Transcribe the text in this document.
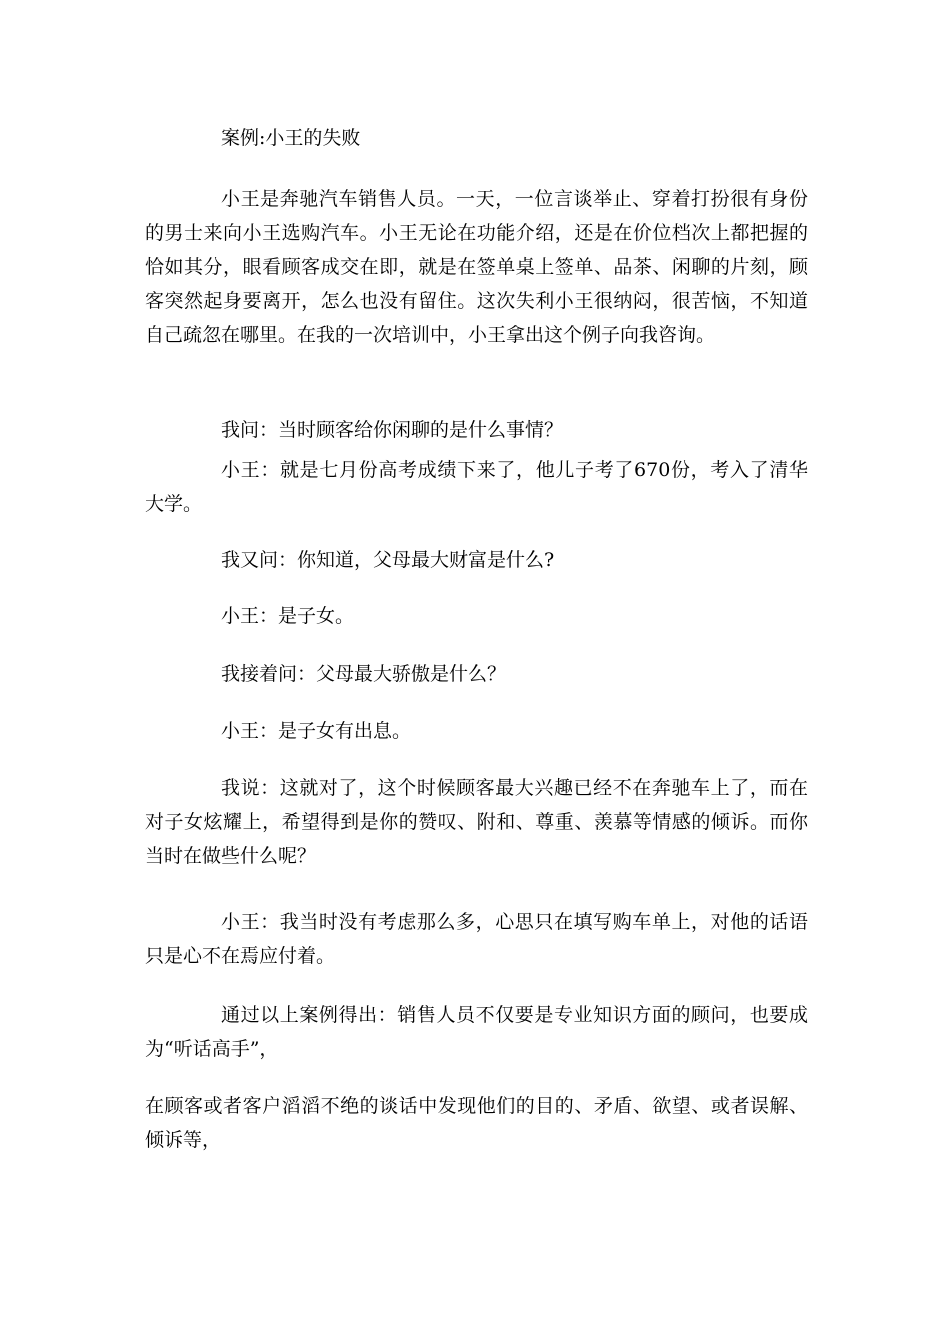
案例:小王的失败

小王是奔驰汽车销售人员。一天，一位言谈举止、穿着打扮很有身份的男士来向小王选购汽车。小王无论在功能介绍，还是在价位档次上都把握的恰如其分，眼看顾客成交在即，就是在签单桌上签单、品茶、闲聊的片刻，顾客突然起身要离开，怎么也没有留住。这次失利小王很纳闷，很苦恼，不知道自己疏忽在哪里。在我的一次培训中，小王拿出这个例子向我咨询。

我问：当时顾客给你闲聊的是什么事情？

小王：就是七月份高考成绩下来了，他儿子考了670份，考入了清华大学。

我又问：你知道，父母最大财富是什么?

小王：是子女。

我接着问：父母最大骄傲是什么？

小王：是子女有出息。

我说：这就对了，这个时候顾客最大兴趣已经不在奔驰车上了，而在对子女炫耀上，希望得到是你的赞叹、附和、尊重、羡慕等情感的倾诉。而你当时在做些什么呢？

小王：我当时没有考虑那么多，心思只在填写购车单上，对他的话语只是心不在焉应付着。

通过以上案例得出：销售人员不仅要是专业知识方面的顾问，也要成为“听话高手”，

在顾客或者客户滔滔不绝的谈话中发现他们的目的、矛盾、欲望、或者误解、倾诉等，
